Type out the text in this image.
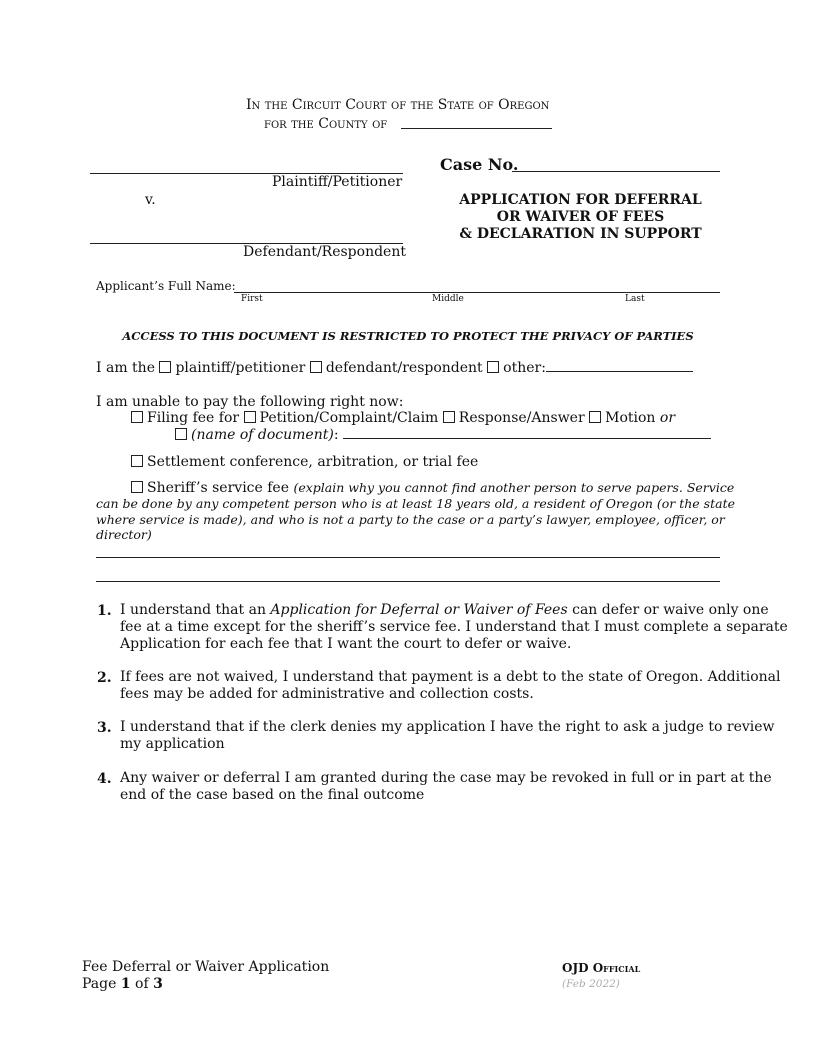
In the Circuit Court of the State of Oregon
for the County of
Plaintiff/Petitioner
v.
Defendant/Respondent
Case No.
APPLICATION FOR DEFERRAL
OR WAIVER OF FEES
& DECLARATION IN SUPPORT
Applicant’s Full Name:
First	Middle	Last
ACCESS TO THIS DOCUMENT IS RESTRICTED TO PROTECT THE PRIVACY OF PARTIES
I am the plaintiff/petitioner defendant/respondent other:
I am unable to pay the following right now:
Filing fee for Petition/Complaint/Claim Response/Answer Motion or
(name of document):
Settlement conference, arbitration, or trial fee
Sheriff’s service fee (explain why you cannot find another person to serve papers. Service
can be done by any competent person who is at least 18 years old, a resident of Oregon (or the state
where service is made), and who is not a party to the case or a party’s lawyer, employee, officer, or
director)
1. I understand that an Application for Deferral or Waiver of Fees can defer or waive only one
fee at a time except for the sheriff’s service fee. I understand that I must complete a separate
Application for each fee that I want the court to defer or waive.
2. If fees are not waived, I understand that payment is a debt to the state of Oregon. Additional
fees may be added for administrative and collection costs.
3. I understand that if the clerk denies my application I have the right to ask a judge to review
my application
4. Any waiver or deferral I am granted during the case may be revoked in full or in part at the
end of the case based on the final outcome
Fee Deferral or Waiver Application
Page 1 of 3
OJD Official
(Feb 2022)
